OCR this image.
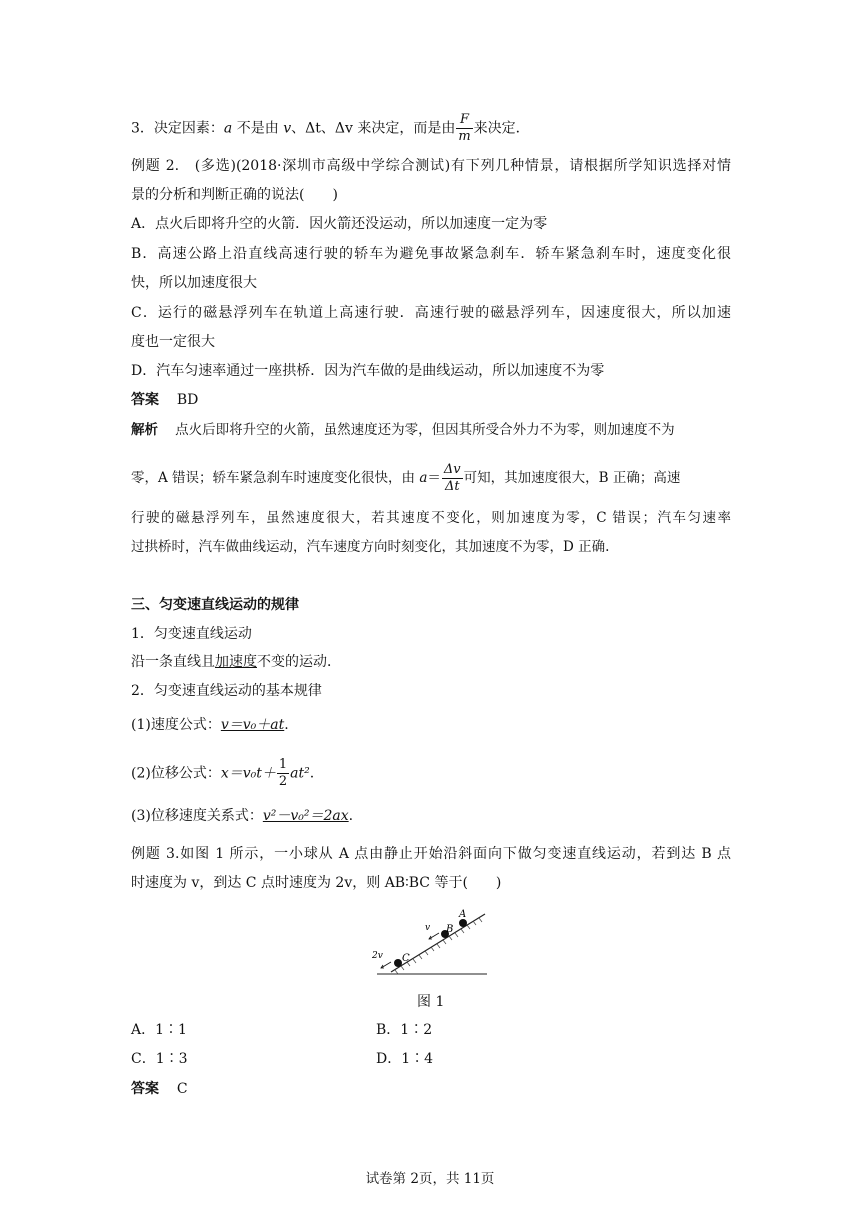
3．决定因素：a 不是由 v、Δt、Δv 来决定，而是由 $\frac{F}{m}$ 来决定．
例题 2.　(多选)(2018·深圳市高级中学综合测试)有下列几种情景，请根据所学知识选择对情
景的分析和判断正确的说法(　　)
A．点火后即将升空的火箭．因火箭还没运动，所以加速度一定为零
B．高速公路上沿直线高速行驶的轿车为避免事故紧急刹车．轿车紧急刹车时，速度变化很
快，所以加速度很大
C．运行的磁悬浮列车在轨道上高速行驶．高速行驶的磁悬浮列车，因速度很大，所以加速
度也一定很大
D．汽车匀速率通过一座拱桥．因为汽车做的是曲线运动，所以加速度不为零
答案 BD
解析 点火后即将升空的火箭，虽然速度还为零，但因其所受合外力不为零，则加速度不为
零，A 错误；轿车紧急刹车时速度变化很快，由 $a= \frac{\Delta v}{\Delta t}$ 可知，其加速度很大，B 正确；高速
行驶的磁悬浮列车，虽然速度很大，若其速度不变化，则加速度为零，C 错误；汽车匀速率
过拱桥时，汽车做曲线运动，汽车速度方向时刻变化，其加速度不为零，D 正确.
三、匀变速直线运动的规律
1．匀变速直线运动
沿一条直线且加速度不变的运动．
2．匀变速直线运动的基本规律
(1)速度公式：v＝v₀＋at.
(2)位移公式：$x=v_0t+ \frac{1}{2} at^2$.
(3)位移速度关系式：v²－v₀²＝2ax.
例题 3.如图 1 所示，一小球从 A 点由静止开始沿斜面向下做匀变速直线运动，若到达 B 点
时速度为 v，到达 C 点时速度为 2v，则 AB∶BC 等于(　　)
A
B
C
v
2v
图 1
A．1∶1	B．1∶2
C．1∶3	D．1∶4
答案 C
试卷第 2页，共 11页
